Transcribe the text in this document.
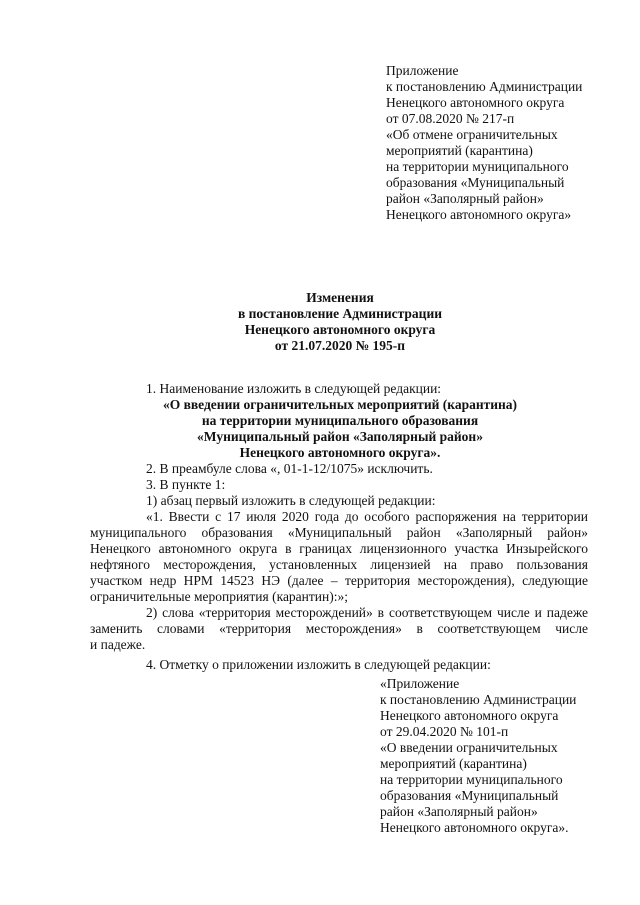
Приложение
к постановлению Администрации
Ненецкого автономного округа
от 07.08.2020 № 217-п
«Об отмене ограничительных
мероприятий (карантина)
на территории муниципального
образования «Муниципальный
район «Заполярный район»
Ненецкого автономного округа»
Изменения
в постановление Администрации
Ненецкого автономного округа
от 21.07.2020 № 195-п
1. Наименование изложить в следующей редакции:
«О введении ограничительных мероприятий (карантина)
на территории муниципального образования
«Муниципальный район «Заполярный район»
Ненецкого автономного округа».
2. В преамбуле слова «, 01-1-12/1075» исключить.
3. В пункте 1:
1) абзац первый изложить в следующей редакции:
«1. Ввести с 17 июля 2020 года до особого распоряжения на территории
муниципального образования «Муниципальный район «Заполярный район»
Ненецкого автономного округа в границах лицензионного участка Инзырейского
нефтяного месторождения, установленных лицензией на право пользования
участком недр НРМ 14523 НЭ (далее – территория месторождения), следующие
ограничительные мероприятия (карантин):»;
2) слова «территория месторождений» в соответствующем числе и падеже
заменить словами «территория месторождения» в соответствующем числе
и падеже.
4. Отметку о приложении изложить в следующей редакции:
«Приложение
к постановлению Администрации
Ненецкого автономного округа
от 29.04.2020 № 101-п
«О введении ограничительных
мероприятий (карантина)
на территории муниципального
образования «Муниципальный
район «Заполярный район»
Ненецкого автономного округа».
